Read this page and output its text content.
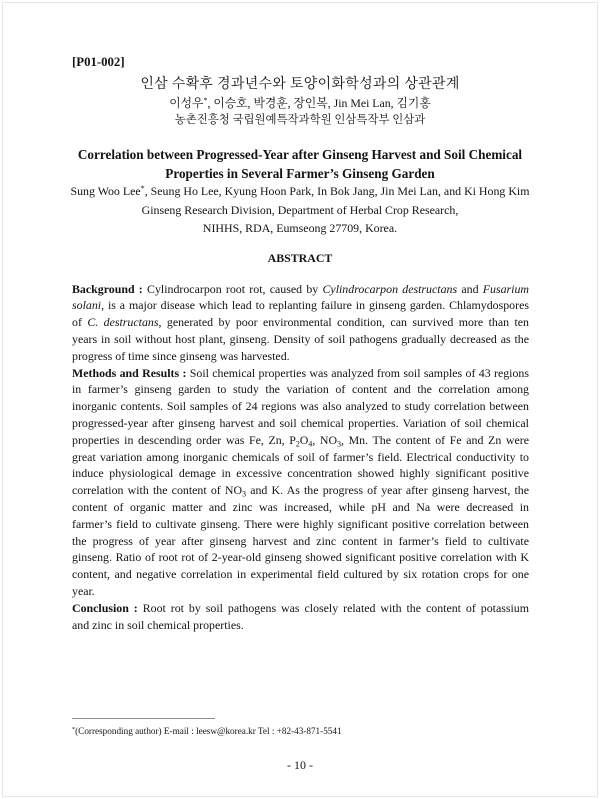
[P01-002]
인삼 수확후 경과년수와 토양이화학성과의 상관관계
이성우*, 이승호, 박경훈, 장인복, Jin Mei Lan, 김기홍
농촌진흥청 국립원예특작과학원 인삼특작부 인삼과
Correlation between Progressed-Year after Ginseng Harvest and Soil Chemical
Properties in Several Farmer’s Ginseng Garden
Sung Woo Lee*, Seung Ho Lee, Kyung Hoon Park, In Bok Jang, Jin Mei Lan, and Ki Hong Kim
Ginseng Research Division, Department of Herbal Crop Research,
NIHHS, RDA, Eumseong 27709, Korea.
ABSTRACT
Background : Cylindrocarpon root rot, caused by Cylindrocarpon destructans and Fusarium
solani, is a major disease which lead to replanting failure in ginseng garden. Chlamydospores
of C. destructans, generated by poor environmental condition, can survived more than ten
years in soil without host plant, ginseng. Density of soil pathogens gradually decreased as the
progress of time since ginseng was harvested.
Methods and Results : Soil chemical properties was analyzed from soil samples of 43 regions
in farmer’s ginseng garden to study the variation of content and the correlation among
inorganic contents. Soil samples of 24 regions was also analyzed to study correlation between
progressed-year after ginseng harvest and soil chemical properties. Variation of soil chemical
properties in descending order was Fe, Zn, $P_2O_4$, $NO_3$, Mn. The content of Fe and Zn were
great variation among inorganic chemicals of soil of farmer’s field. Electrical conductivity to
induce physiological demage in excessive concentration showed highly significant positive
correlation with the content of $NO_3$ and K. As the progress of year after ginseng harvest, the
content of organic matter and zinc was increased, while pH and Na were decreased in
farmer’s field to cultivate ginseng. There were highly significant positive correlation between
the progress of year after ginseng harvest and zinc content in farmer’s field to cultivate
ginseng. Ratio of root rot of 2-year-old ginseng showed significant positive correlation with K
content, and negative correlation in experimental field cultured by six rotation crops for one
year.
Conclusion : Root rot by soil pathogens was closely related with the content of potassium
and zinc in soil chemical properties.
*(Corresponding author) E-mail : leesw@korea.kr Tel : +82-43-871-5541
- 10 -
